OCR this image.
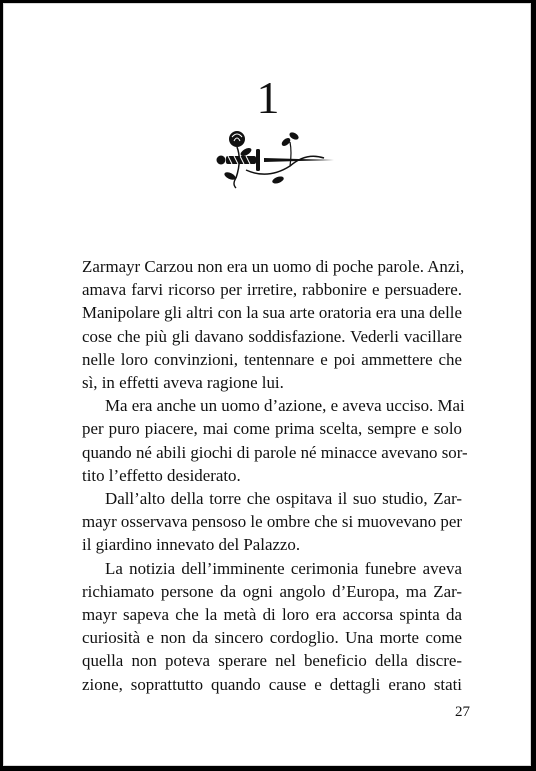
1
Zarmayr Carzou non era un uomo di poche parole. Anzi,
amava farvi ricorso per irretire, rabbonire e persuadere.
Manipolare gli altri con la sua arte oratoria era una delle
cose che più gli davano soddisfazione. Vederli vacillare
nelle loro convinzioni, tentennare e poi ammettere che
sì, in effetti aveva ragione lui.
Ma era anche un uomo d’azione, e aveva ucciso. Mai
per puro piacere, mai come prima scelta, sempre e solo
quando né abili giochi di parole né minacce avevano sor-
tito l’effetto desiderato.
Dall’alto della torre che ospitava il suo studio, Zar-
mayr osservava pensoso le ombre che si muovevano per
il giardino innevato del Palazzo.
La notizia dell’imminente cerimonia funebre aveva
richiamato persone da ogni angolo d’Europa, ma Zar-
mayr sapeva che la metà di loro era accorsa spinta da
curiosità e non da sincero cordoglio. Una morte come
quella non poteva sperare nel beneficio della discre-
zione, soprattutto quando cause e dettagli erano stati
27
